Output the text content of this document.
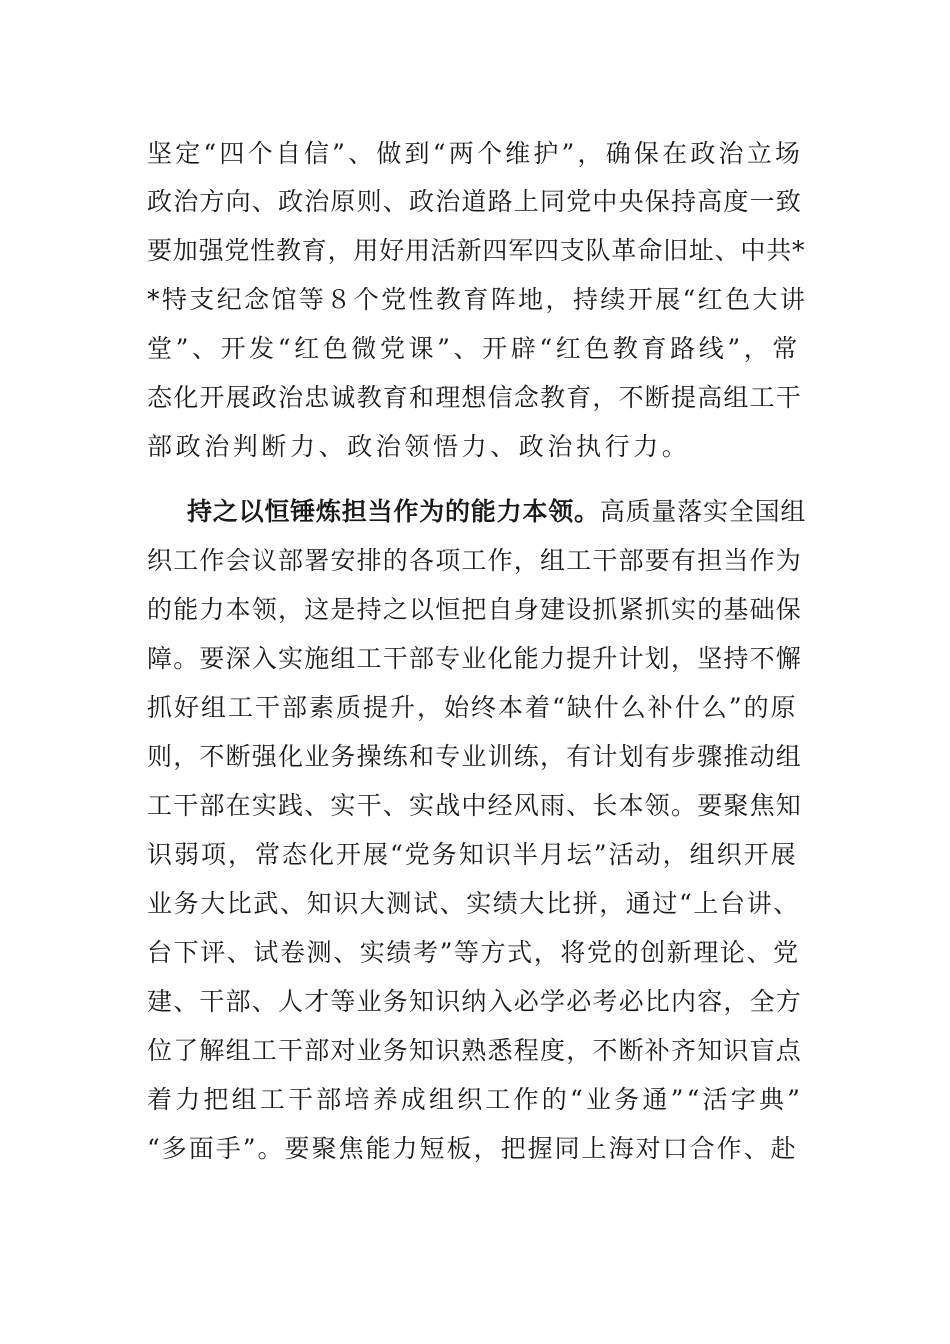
坚定“四个自信”、做到“两个维护”，确保在政治立场
政治方向、政治原则、政治道路上同党中央保持高度一致
要加强党性教育，用好用活新四军四支队革命旧址、中共*
*特支纪念馆等８个党性教育阵地，持续开展“红色大讲
堂”、开发“红色微党课”、开辟“红色教育路线”，常
态化开展政治忠诚教育和理想信念教育，不断提高组工干
部政治判断力、政治领悟力、政治执行力。
持之以恒锤炼担当作为的能力本领。高质量落实全国组
织工作会议部署安排的各项工作，组工干部要有担当作为
的能力本领，这是持之以恒把自身建设抓紧抓实的基础保
障。要深入实施组工干部专业化能力提升计划，坚持不懈
抓好组工干部素质提升，始终本着“缺什么补什么”的原
则，不断强化业务操练和专业训练，有计划有步骤推动组
工干部在实践、实干、实战中经风雨、长本领。要聚焦知
识弱项，常态化开展“党务知识半月坛”活动，组织开展
业务大比武、知识大测试、实绩大比拼，通过“上台讲、
台下评、试卷测、实绩考”等方式，将党的创新理论、党
建、干部、人才等业务知识纳入必学必考必比内容，全方
位了解组工干部对业务知识熟悉程度，不断补齐知识盲点
着力把组工干部培养成组织工作的“业务通”“活字典”
“多面手”。要聚焦能力短板，把握同上海对口合作、赴
